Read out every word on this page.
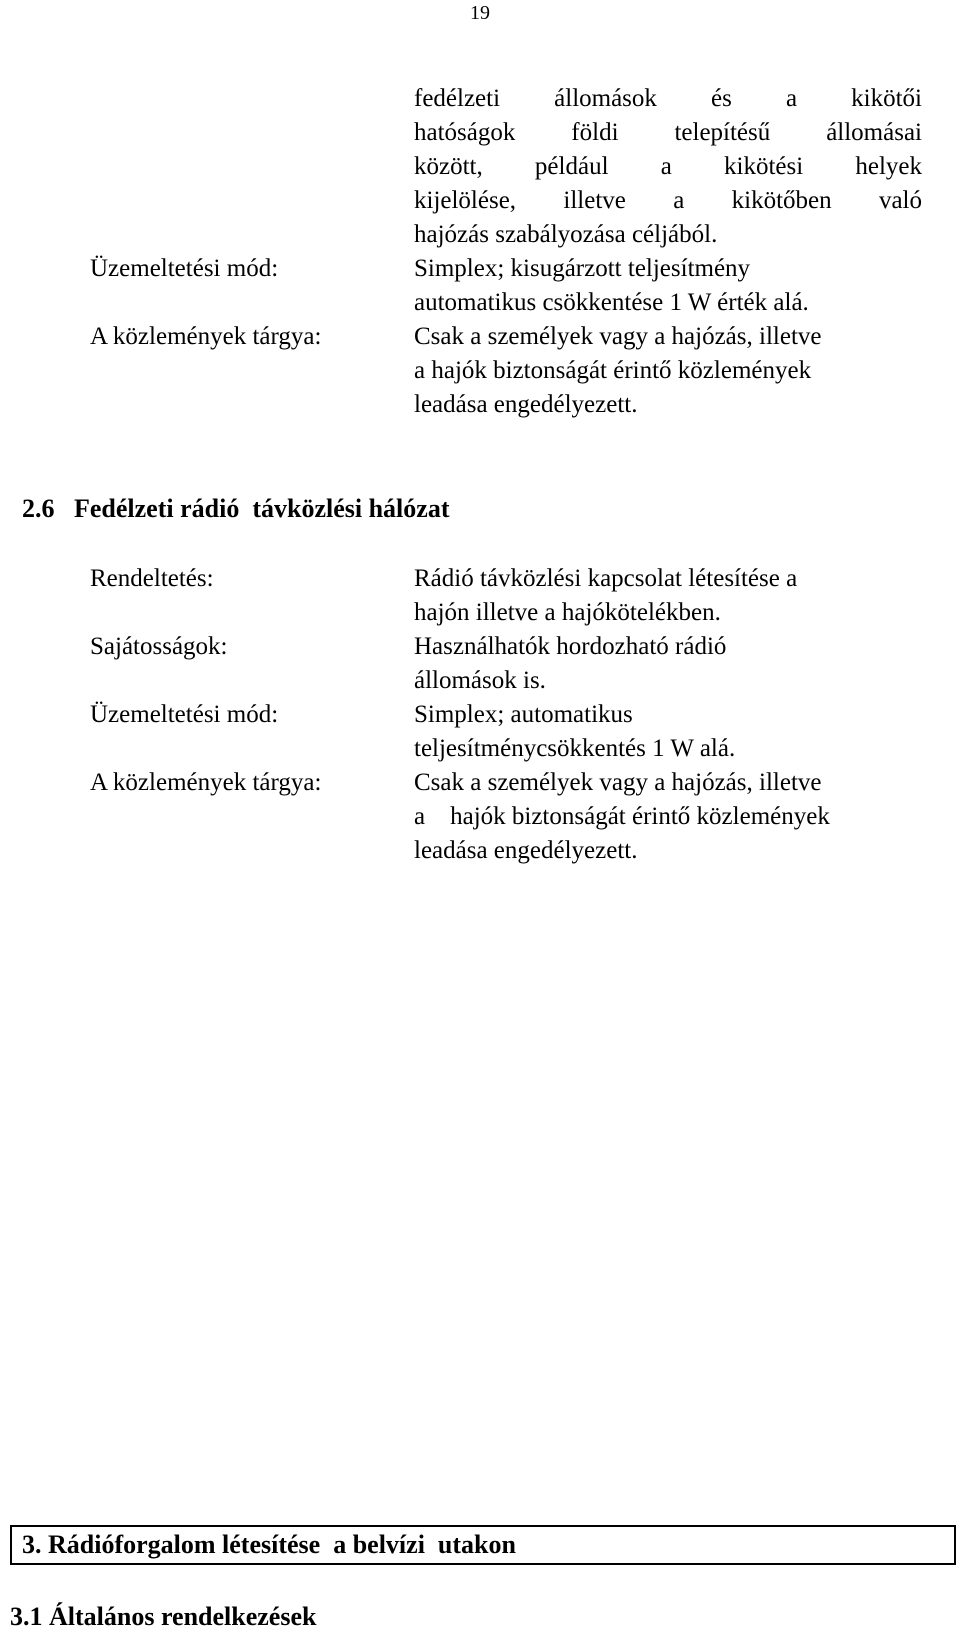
19
fedélzeti állomások és a kikötői
hatóságok földi telepítésű állomásai
között, például a kikötési helyek
kijelölése, illetve a kikötőben való
hajózás szabályozása céljából.
Üzemeltetési mód:	Simplex; kisugárzott teljesítmény
automatikus csökkentése 1 W érték alá.
A közlemények tárgya:	Csak a személyek vagy a hajózás, illetve
a hajók biztonságát érintő közlemények
leadása engedélyezett.
2.6   Fedélzeti rádió  távközlési hálózat
Rendeltetés:	Rádió távközlési kapcsolat létesítése a
hajón illetve a hajókötelékben.
Sajátosságok:	Használhatók hordozható rádió
állomások is.
Üzemeltetési mód:	Simplex; automatikus
teljesítménycsökkentés 1 W alá.
A közlemények tárgya:	Csak a személyek vagy a hajózás, illetve
a    hajók biztonságát érintő közlemények
leadása engedélyezett.
3. Rádióforgalom létesítése  a belvízi  utakon
3.1 Általános rendelkezések
